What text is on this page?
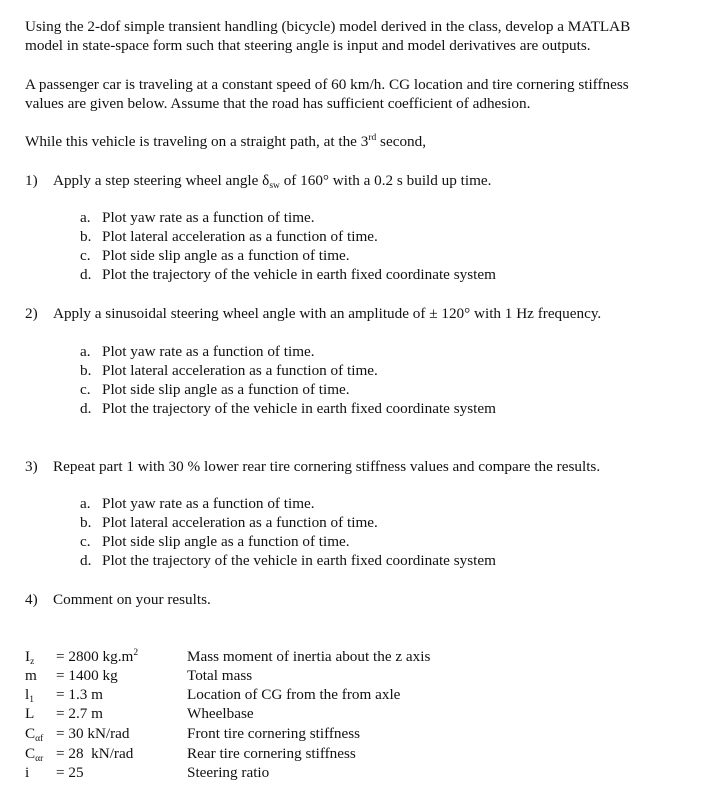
Using the 2-dof simple transient handling (bicycle) model derived in the class, develop a MATLAB
model in state-space form such that steering angle is input and model derivatives are outputs.
A passenger car is traveling at a constant speed of 60 km/h. CG location and tire cornering stiffness
values are given below. Assume that the road has sufficient coefficient of adhesion.
While this vehicle is traveling on a straight path, at the 3rd second,
1) Apply a step steering wheel angle $\delta_{sw}$ of 160° with a 0.2 s build up time.
a. Plot yaw rate as a function of time.
b. Plot lateral acceleration as a function of time.
c. Plot side slip angle as a function of time.
d. Plot the trajectory of the vehicle in earth fixed coordinate system
2) Apply a sinusoidal steering wheel angle with an amplitude of ± 120° with 1 Hz frequency.
a. Plot yaw rate as a function of time.
b. Plot lateral acceleration as a function of time.
c. Plot side slip angle as a function of time.
d. Plot the trajectory of the vehicle in earth fixed coordinate system
3) Repeat part 1 with 30 % lower rear tire cornering stiffness values and compare the results.
a. Plot yaw rate as a function of time.
b. Plot lateral acceleration as a function of time.
c. Plot side slip angle as a function of time.
d. Plot the trajectory of the vehicle in earth fixed coordinate system
4) Comment on your results.
$I_z = 2800$ $kg.m^2$	Mass moment of inertia about the z axis
m = 1400 kg	Total mass
$l_1 = 1.3$ m	Location of CG from the from axle
L = 2.7 m	Wheelbase
$C_{\alpha f} = 30$ kN/rad	Front tire cornering stiffness
$C_{\alpha r} = 28$  kN/rad	Rear tire cornering stiffness
i = 25	Steering ratio
